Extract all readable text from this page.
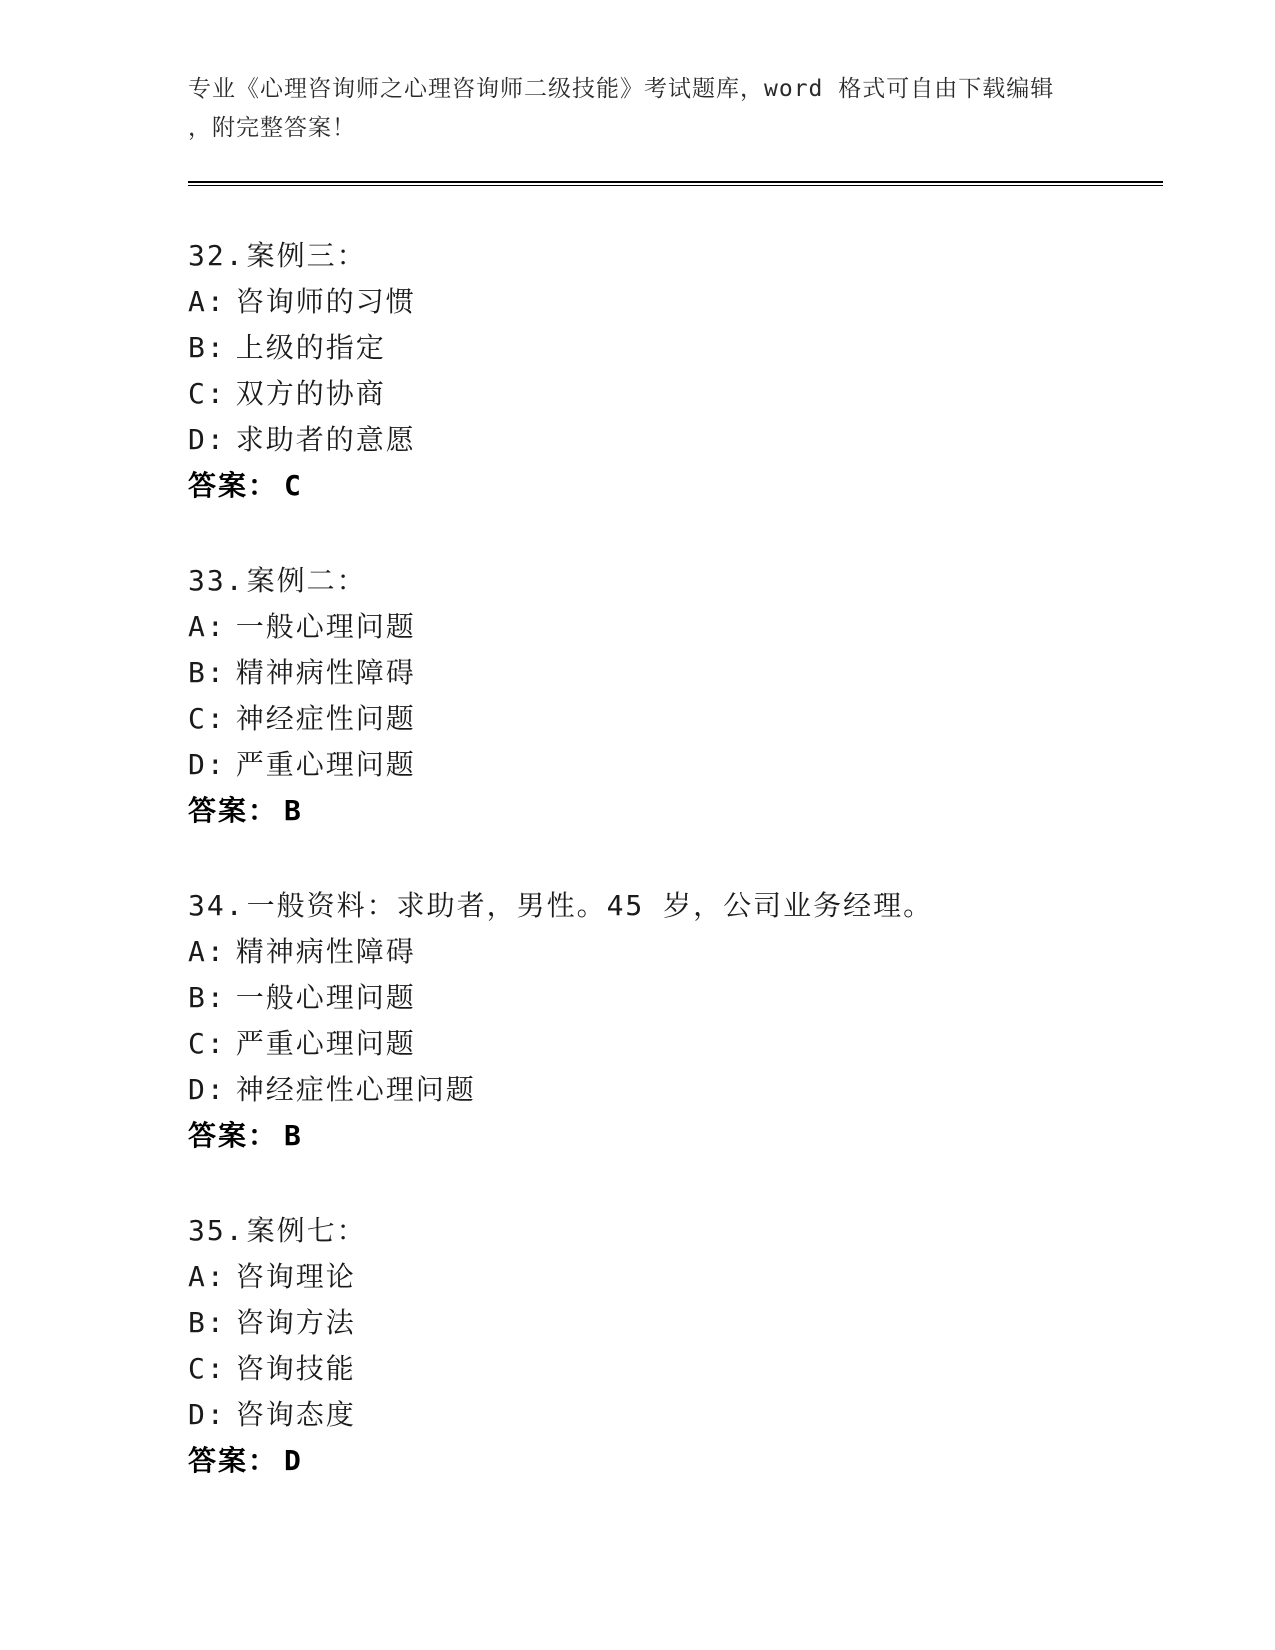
专业《心理咨询师之心理咨询师二级技能》考试题库，word 格式可自由下载编辑
，附完整答案！
32.案例三：
A: 咨询师的习惯
B: 上级的指定
C: 双方的协商
D: 求助者的意愿
答案： C
33.案例二：
A: 一般心理问题
B: 精神病性障碍
C: 神经症性问题
D: 严重心理问题
答案： B
34.一般资料：求助者，男性。45 岁，公司业务经理。
A: 精神病性障碍
B: 一般心理问题
C: 严重心理问题
D: 神经症性心理问题
答案： B
35.案例七：
A: 咨询理论
B: 咨询方法
C: 咨询技能
D: 咨询态度
答案： D
